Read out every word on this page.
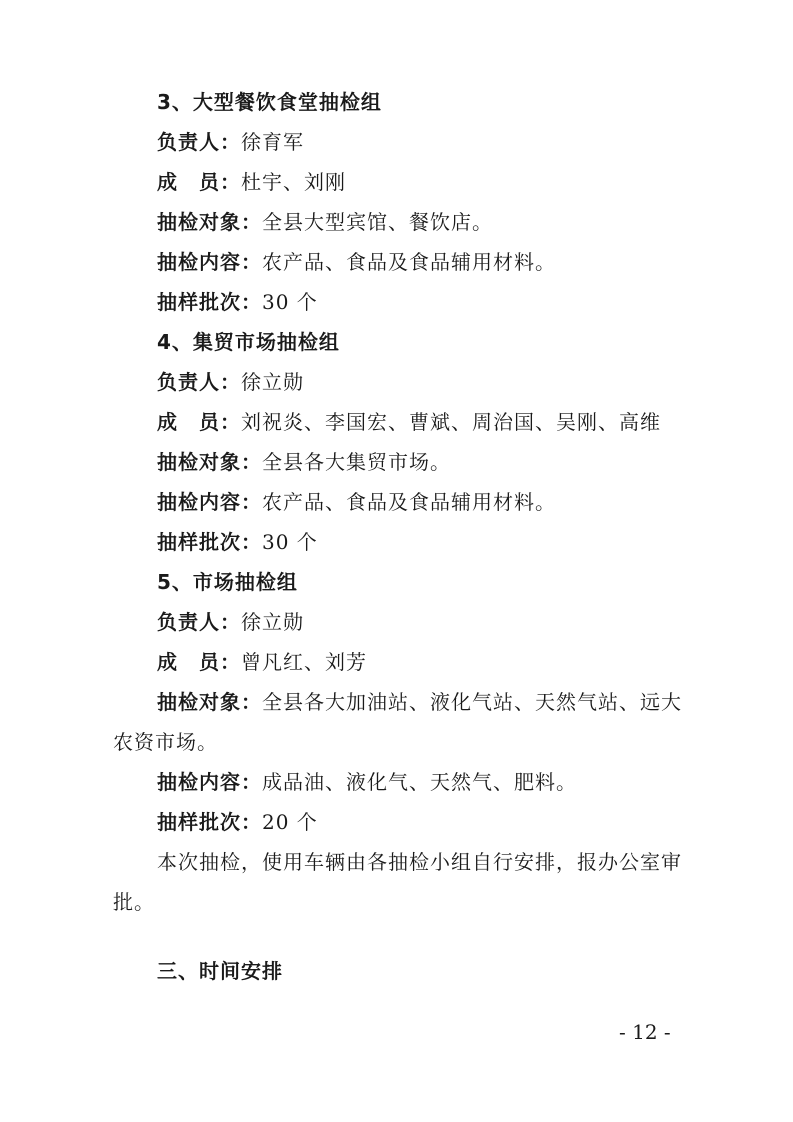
3、大型餐饮食堂抽检组
负责人：徐育军
成　员：杜宇、刘刚
抽检对象：全县大型宾馆、餐饮店。
抽检内容：农产品、食品及食品辅用材料。
抽样批次：30 个
4、集贸市场抽检组
负责人：徐立勋
成　员：刘祝炎、李国宏、曹斌、周治国、吴刚、高维
抽检对象：全县各大集贸市场。
抽检内容：农产品、食品及食品辅用材料。
抽样批次：30 个
5、市场抽检组
负责人：徐立勋
成　员：曾凡红、刘芳
抽检对象：全县各大加油站、液化气站、天然气站、远大
农资市场。
抽检内容：成品油、液化气、天然气、肥料。
抽样批次：20 个
本次抽检，使用车辆由各抽检小组自行安排，报办公室审
批。
三、时间安排
- 12 -
